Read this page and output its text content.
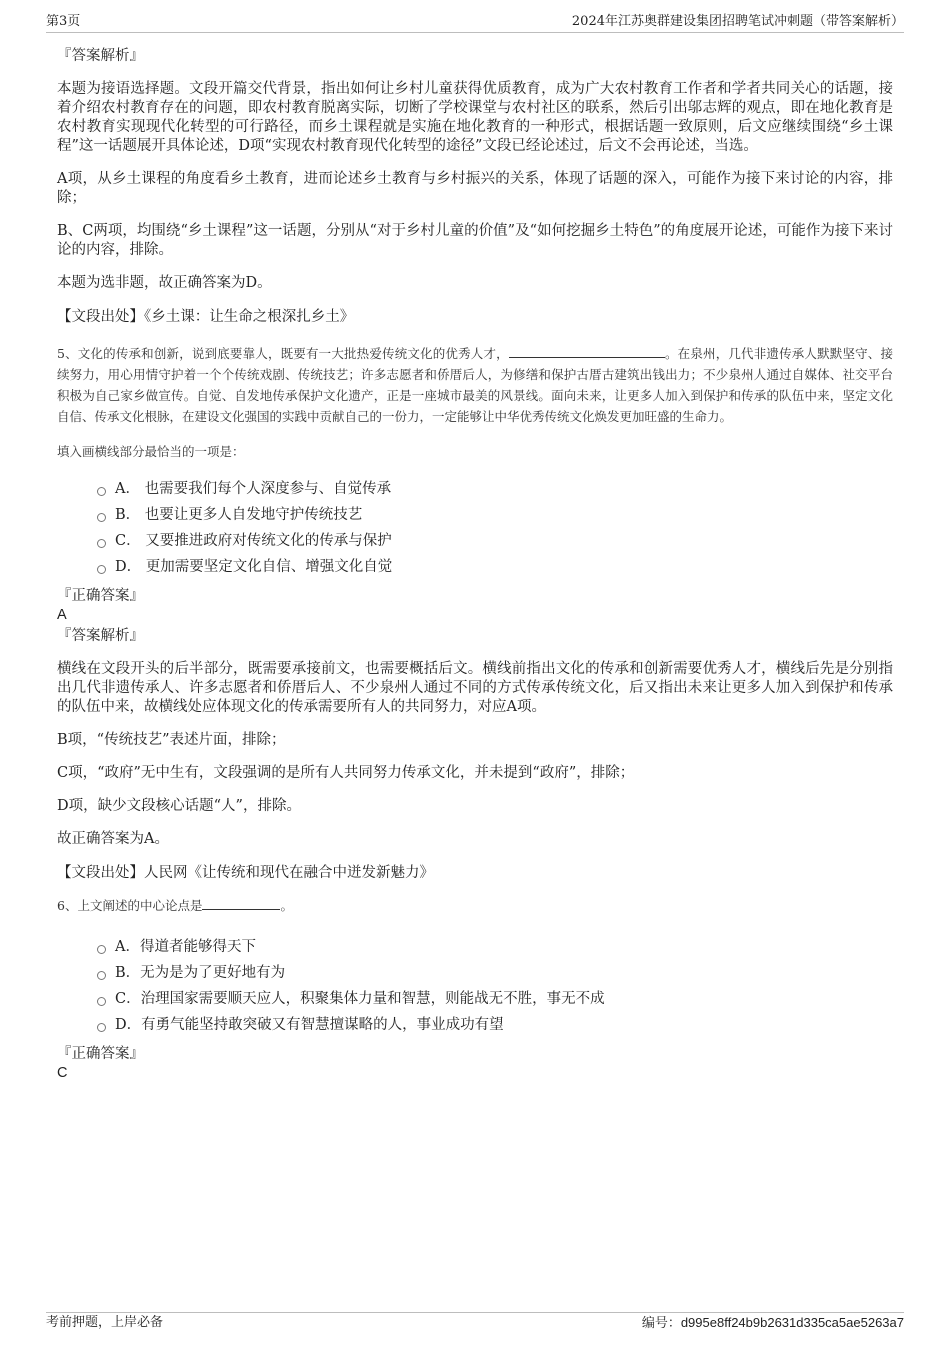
第3页	2024年江苏奥群建设集团招聘笔试冲刺题（带答案解析）

『答案解析』

本题为接语选择题。文段开篇交代背景，指出如何让乡村儿童获得优质教育，成为广大农村教育工作者和学者共同关心的话题，接着介绍农村教育存在的问题，即农村教育脱离实际，切断了学校课堂与农村社区的联系，然后引出邬志辉的观点，即在地化教育是农村教育实现现代化转型的可行路径，而乡土课程就是实施在地化教育的一种形式，根据话题一致原则，后文应继续围绕“乡土课程”这一话题展开具体论述，D项“实现农村教育现代化转型的途径”文段已经论述过，后文不会再论述，当选。

A项，从乡土课程的角度看乡土教育，进而论述乡土教育与乡村振兴的关系，体现了话题的深入，可能作为接下来讨论的内容，排除；

B、C两项，均围绕“乡土课程”这一话题，分别从“对于乡村儿童的价值”及“如何挖掘乡土特色”的角度展开论述，可能作为接下来讨论的内容，排除。

本题为选非题，故正确答案为D。

【文段出处】《乡土课：让生命之根深扎乡土》

5、文化的传承和创新，说到底要靠人，既要有一大批热爱传统文化的优秀人才，	。在泉州，几代非遗传承人默默坚守、接续努力，用心用情守护着一个个传统戏剧、传统技艺；许多志愿者和侨厝后人，为修缮和保护古厝古建筑出钱出力；不少泉州人通过自媒体、社交平台积极为自己家乡做宣传。自觉、自发地传承保护文化遗产，正是一座城市最美的风景线。面向未来，让更多人加入到保护和传承的队伍中来，坚定文化自信、传承文化根脉，在建设文化强国的实践中贡献自己的一份力，一定能够让中华优秀传统文化焕发更加旺盛的生命力。

填入画横线部分最恰当的一项是：

A． 也需要我们每个人深度参与、自觉传承
B． 也要让更多人自发地守护传统技艺
C． 又要推进政府对传统文化的传承与保护
D． 更加需要坚定文化自信、增强文化自觉

『正确答案』

A

『答案解析』

横线在文段开头的后半部分，既需要承接前文，也需要概括后文。横线前指出文化的传承和创新需要优秀人才，横线后先是分别指出几代非遗传承人、许多志愿者和侨厝后人、不少泉州人通过不同的方式传承传统文化，后又指出未来让更多人加入到保护和传承的队伍中来，故横线处应体现文化的传承需要所有人的共同努力，对应A项。

B项，“传统技艺”表述片面，排除；

C项，“政府”无中生有，文段强调的是所有人共同努力传承文化，并未提到“政府”，排除；

D项，缺少文段核心话题“人”，排除。

故正确答案为A。

【文段出处】人民网《让传统和现代在融合中迸发新魅力》

6、上文阐述的中心论点是	。

A．得道者能够得天下
B．无为是为了更好地有为
C．治理国家需要顺天应人，积聚集体力量和智慧，则能战无不胜，事无不成
D．有勇气能坚持敢突破又有智慧擅谋略的人，事业成功有望

『正确答案』

C

考前押题，上岸必备	编号：d995e8ff24b9b2631d335ca5ae5263a7
